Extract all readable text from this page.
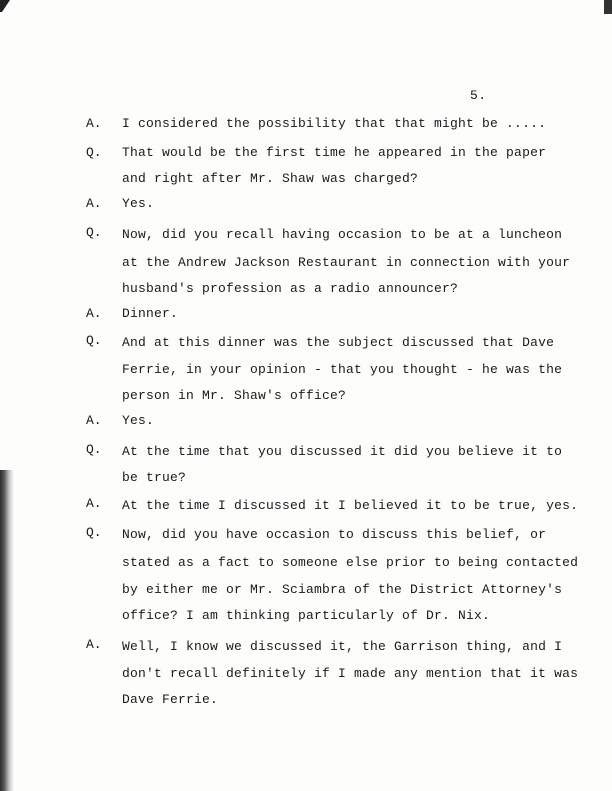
5.
A. I considered the possibility that that might be .....
Q. That would be the first time he appeared in the paper
and right after Mr. Shaw was charged?
A. Yes.
Q. Now, did you recall having occasion to be at a luncheon
at the Andrew Jackson Restaurant in connection with your
husband's profession as a radio announcer?
A. Dinner.
Q. And at this dinner was the subject discussed that Dave
Ferrie, in your opinion - that you thought - he was the
person in Mr. Shaw's office?
A. Yes.
Q. At the time that you discussed it did you believe it to
be true?
A. At the time I discussed it I believed it to be true, yes.
Q. Now, did you have occasion to discuss this belief, or
stated as a fact to someone else prior to being contacted
by either me or Mr. Sciambra of the District Attorney's
office? I am thinking particularly of Dr. Nix.
A. Well, I know we discussed it, the Garrison thing, and I
don't recall definitely if I made any mention that it was
Dave Ferrie.
